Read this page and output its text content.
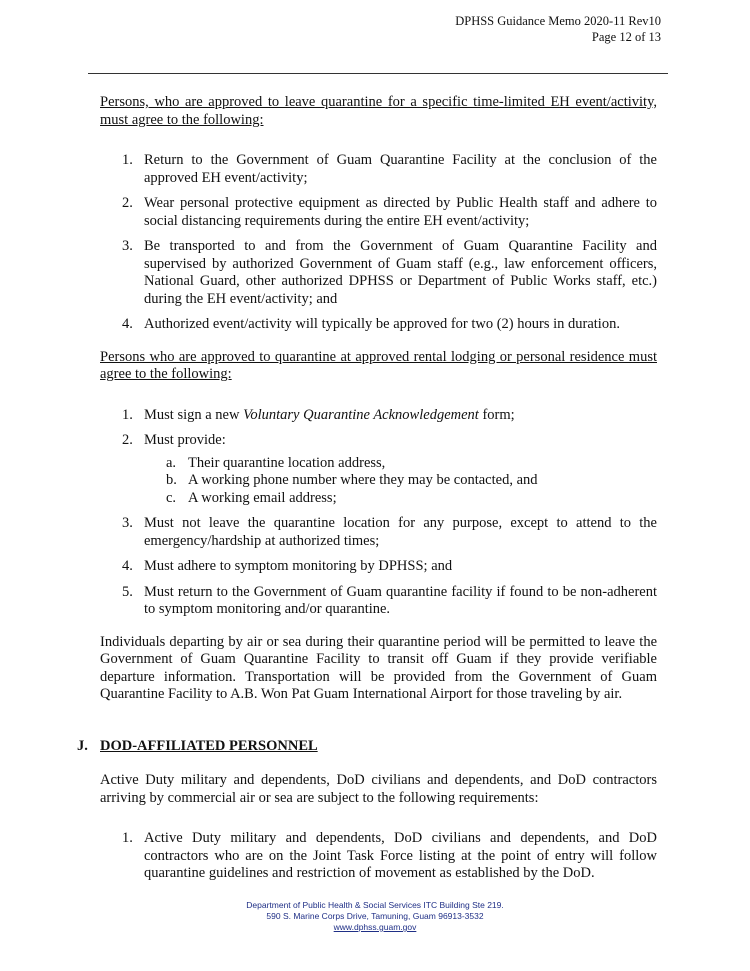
DPHSS Guidance Memo 2020-11 Rev10
Page 12 of 13

Persons, who are approved to leave quarantine for a specific time-limited EH event/activity, must agree to the following:

1. Return to the Government of Guam Quarantine Facility at the conclusion of the approved EH event/activity;
2. Wear personal protective equipment as directed by Public Health staff and adhere to social distancing requirements during the entire EH event/activity;
3. Be transported to and from the Government of Guam Quarantine Facility and supervised by authorized Government of Guam staff (e.g., law enforcement officers, National Guard, other authorized DPHSS or Department of Public Works staff, etc.) during the EH event/activity; and
4. Authorized event/activity will typically be approved for two (2) hours in duration.

Persons who are approved to quarantine at approved rental lodging or personal residence must agree to the following:

1. Must sign a new Voluntary Quarantine Acknowledgement form;
2. Must provide:
a. Their quarantine location address,
b. A working phone number where they may be contacted, and
c. A working email address;
3. Must not leave the quarantine location for any purpose, except to attend to the emergency/hardship at authorized times;
4. Must adhere to symptom monitoring by DPHSS; and
5. Must return to the Government of Guam quarantine facility if found to be non-adherent to symptom monitoring and/or quarantine.

Individuals departing by air or sea during their quarantine period will be permitted to leave the Government of Guam Quarantine Facility to transit off Guam if they provide verifiable departure information. Transportation will be provided from the Government of Guam Quarantine Facility to A.B. Won Pat Guam International Airport for those traveling by air.

J. DOD-AFFILIATED PERSONNEL

Active Duty military and dependents, DoD civilians and dependents, and DoD contractors arriving by commercial air or sea are subject to the following requirements:

1. Active Duty military and dependents, DoD civilians and dependents, and DoD contractors who are on the Joint Task Force listing at the point of entry will follow quarantine guidelines and restriction of movement as established by the DoD.
Department of Public Health & Social Services ITC Building Ste 219.
590 S. Marine Corps Drive, Tamuning, Guam 96913-3532
www.dphss.guam.gov
